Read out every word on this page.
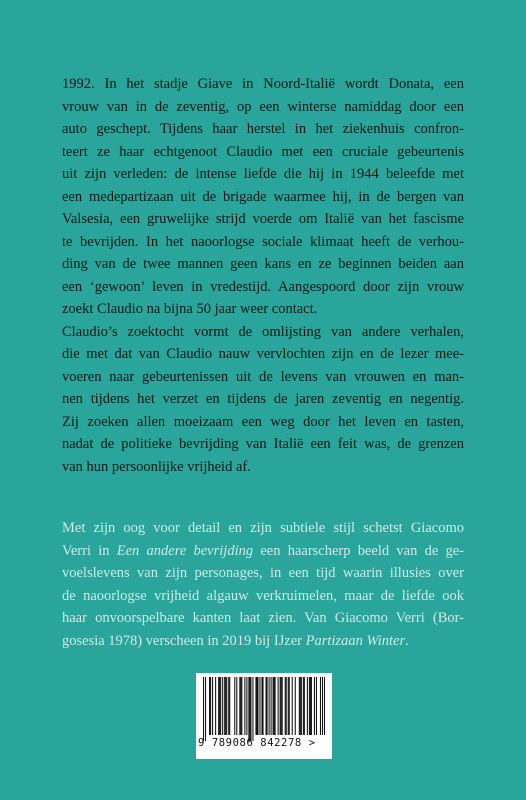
1992. In het stadje Giave in Noord-Italië wordt Donata, een
vrouw van in de zeventig, op een winterse namiddag door een
auto geschept. Tijdens haar herstel in het ziekenhuis confron-
teert ze haar echtgenoot Claudio met een cruciale gebeurtenis
uit zijn verleden: de intense liefde die hij in 1944 beleefde met
een medepartizaan uit de brigade waarmee hij, in de bergen van
Valsesia, een gruwelijke strijd voerde om Italië van het fascisme
te bevrijden. In het naoorlogse sociale klimaat heeft de verhou-
ding van de twee mannen geen kans en ze beginnen beiden aan
een ‘gewoon’ leven in vredestijd. Aangespoord door zijn vrouw
zoekt Claudio na bijna 50 jaar weer contact.
Claudio’s zoektocht vormt de omlijsting van andere verhalen,
die met dat van Claudio nauw vervlochten zijn en de lezer mee-
voeren naar gebeurtenissen uit de levens van vrouwen en man-
nen tijdens het verzet en tijdens de jaren zeventig en negentig.
Zij zoeken allen moeizaam een weg door het leven en tasten,
nadat de politieke bevrijding van Italië een feit was, de grenzen
van hun persoonlijke vrijheid af.
Met zijn oog voor detail en zijn subtiele stijl schetst Giacomo
Verri in Een andere bevrijding een haarscherp beeld van de ge-
voelslevens van zijn personages, in een tijd waarin illusies over
de naoorlogse vrijheid algauw verkruimelen, maar de liefde ook
haar onvoorspelbare kanten laat zien. Van Giacomo Verri (Bor-
gosesia 1978) verscheen in 2019 bij IJzer Partizaan Winter.
9 789086 842278 >
